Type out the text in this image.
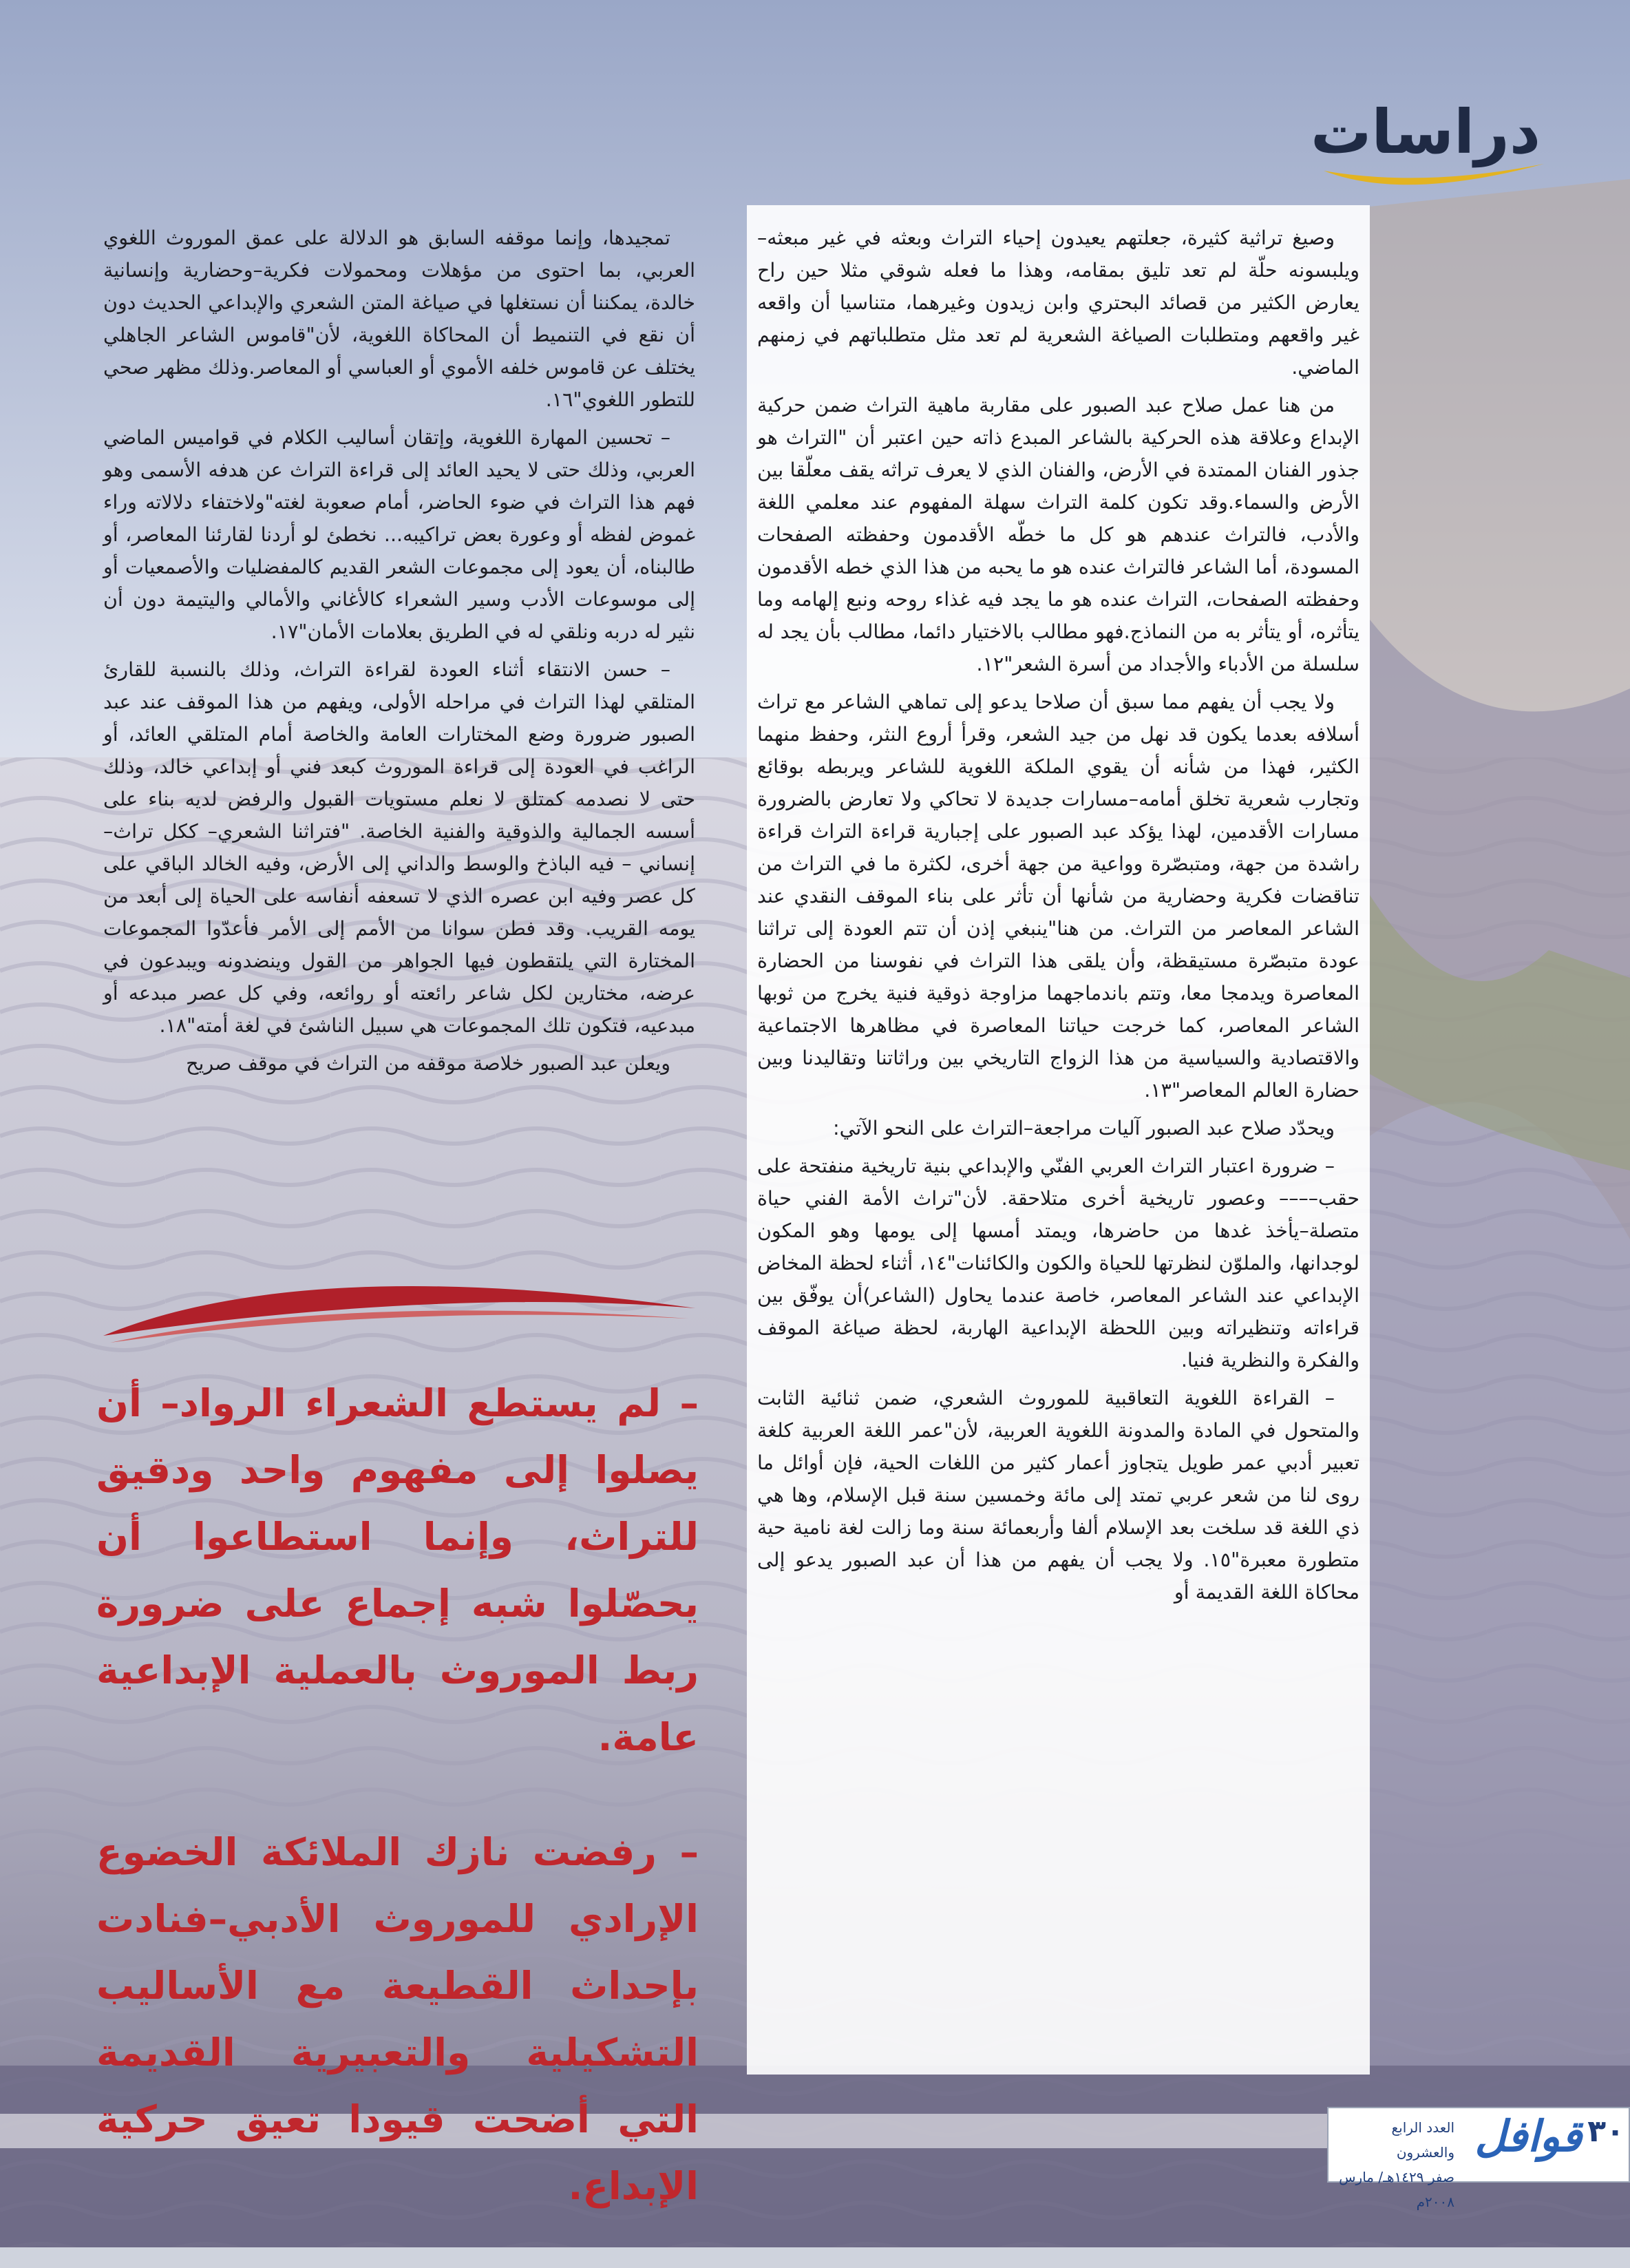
دراسات

وصيغ تراثية كثيرة، جعلتهم يعيدون إحياء التراث وبعثه في غير مبعثه–ويلبسونه حلّة لم تعد تليق بمقامه، وهذا ما فعله شوقي مثلا حين راح يعارض الكثير من قصائد البحتري وابن زيدون وغيرهما، متناسيا أن واقعه غير واقعهم ومتطلبات الصياغة الشعرية لم تعد مثل متطلباتهم في زمنهم الماضي.

من هنا عمل صلاح عبد الصبور على مقاربة ماهية التراث ضمن حركية الإبداع وعلاقة هذه الحركية بالشاعر المبدع ذاته حين اعتبر أن "التراث هو جذور الفنان الممتدة في الأرض، والفنان الذي لا يعرف تراثه يقف معلّقا بين الأرض والسماء.وقد تكون كلمة التراث سهلة المفهوم عند معلمي اللغة والأدب، فالتراث عندهم هو كل ما خطّه الأقدمون وحفظته الصفحات المسودة، أما الشاعر فالتراث عنده هو ما يحبه من هذا الذي خطه الأقدمون وحفظته الصفحات، التراث عنده هو ما يجد فيه غذاء روحه ونبع إلهامه وما يتأثره، أو يتأثر به من النماذج.فهو مطالب بالاختيار دائما، مطالب بأن يجد له سلسلة من الأدباء والأجداد من أسرة الشعر"١٢.

ولا يجب أن يفهم مما سبق أن صلاحا يدعو إلى تماهي الشاعر مع تراث أسلافه بعدما يكون قد نهل من جيد الشعر، وقرأ أروع النثر، وحفظ منهما الكثير، فهذا من شأنه أن يقوي الملكة اللغوية للشاعر ويربطه بوقائع وتجارب شعرية تخلق أمامه–مسارات جديدة لا تحاكي ولا تعارض بالضرورة مسارات الأقدمين، لهذا يؤكد عبد الصبور على إجبارية قراءة التراث قراءة راشدة من جهة، ومتبصّرة وواعية من جهة أخرى، لكثرة ما في التراث من تناقضات فكرية وحضارية من شأنها أن تأثر على بناء الموقف النقدي عند الشاعر المعاصر من التراث. من هنا"ينبغي إذن أن تتم العودة إلى تراثنا عودة متبصّرة مستيقظة، وأن يلقى هذا التراث في نفوسنا من الحضارة المعاصرة ويدمجا معا، وتتم باندماجهما مزاوجة ذوقية فنية يخرج من ثوبها الشاعر المعاصر، كما خرجت حياتنا المعاصرة في مظاهرها الاجتماعية والاقتصادية والسياسية من هذا الزواج التاريخي بين وراثاتنا وتقاليدنا وبين حضارة العالم المعاصر"١٣.

ويحدّد صلاح عبد الصبور آليات مراجعة–التراث على النحو الآتي:

– ضرورة اعتبار التراث العربي الفنّي والإبداعي بنية تاريخية منفتحة على حقب–––– وعصور تاريخية أخرى متلاحقة. لأن"تراث الأمة الفني حياة متصلة–يأخذ غدها من حاضرها، ويمتد أمسها إلى يومها وهو المكون لوجدانها، والملوّن لنظرتها للحياة والكون والكائنات"١٤، أثناء لحظة المخاض الإبداعي عند الشاعر المعاصر، خاصة عندما يحاول (الشاعر)أن يوفّق بين قراءاته وتنظيراته وبين اللحظة الإبداعية الهاربة، لحظة صياغة الموقف والفكرة والنظرية فنيا.

– القراءة اللغوية التعاقبية للموروث الشعري، ضمن ثنائية الثابت والمتحول في المادة والمدونة اللغوية العربية، لأن"عمر اللغة العربية كلغة تعبير أدبي عمر طويل يتجاوز أعمار كثير من اللغات الحية، فإن أوائل ما روى لنا من شعر عربي تمتد إلى مائة وخمسين سنة قبل الإسلام، وها هي ذي اللغة قد سلخت بعد الإسلام ألفا وأربعمائة سنة وما زالت لغة نامية حية متطورة معبرة"١٥. ولا يجب أن يفهم من هذا أن عبد الصبور يدعو إلى محاكاة اللغة القديمة أو

تمجيدها، وإنما موقفه السابق هو الدلالة على عمق الموروث اللغوي العربي، بما احتوى من مؤهلات ومحمولات فكرية–وحضارية وإنسانية خالدة، يمكننا أن نستغلها في صياغة المتن الشعري والإبداعي الحديث دون أن نقع في التنميط أن المحاكاة اللغوية، لأن"قاموس الشاعر الجاهلي يختلف عن قاموس خلفه الأموي أو العباسي أو المعاصر.وذلك مظهر صحي للتطور اللغوي"١٦.

– تحسين المهارة اللغوية، وإتقان أساليب الكلام في قواميس الماضي العربي، وذلك حتى لا يحيد العائد إلى قراءة التراث عن هدفه الأسمى وهو فهم هذا التراث في ضوء الحاضر، أمام صعوبة لغته"ولاختفاء دلالاته وراء غموض لفظه أو وعورة بعض تراكيبه... نخطئ لو أردنا لقارئنا المعاصر، أو طالبناه، أن يعود إلى مجموعات الشعر القديم كالمفضليات والأصمعيات أو إلى موسوعات الأدب وسير الشعراء كالأغاني والأمالي واليتيمة دون أن نثير له دربه ونلقي له في الطريق بعلامات الأمان"١٧.

– حسن الانتقاء أثناء العودة لقراءة التراث، وذلك بالنسبة للقارئ المتلقي لهذا التراث في مراحله الأولى، ويفهم من هذا الموقف عند عبد الصبور ضرورة وضع المختارات العامة والخاصة أمام المتلقي العائد، أو الراغب في العودة إلى قراءة الموروث كبعد فني أو إبداعي خالد، وذلك حتى لا نصدمه كمتلق لا نعلم مستويات القبول والرفض لديه بناء على أسسه الجمالية والذوقية والفنية الخاصة. "فتراثنا الشعري– ككل تراث– إنساني – فيه الباذخ والوسط والداني إلى الأرض، وفيه الخالد الباقي على كل عصر وفيه ابن عصره الذي لا تسعفه أنفاسه على الحياة إلى أبعد من يومه القريب. وقد فطن سوانا من الأمم إلى الأمر فأعدّوا المجموعات المختارة التي يلتقطون فيها الجواهر من القول وينضدونه ويبدعون في عرضه، مختارين لكل شاعر رائعته أو روائعه، وفي كل عصر مبدعه أو مبدعيه، فتكون تلك المجموعات هي سبيل الناشئ في لغة أمته"١٨.

ويعلن عبد الصبور خلاصة موقفه من التراث في موقف صريح

– لم يستطع الشعراء الرواد– أن يصلوا إلى مفهوم واحد ودقيق للتراث، وإنما استطاعوا أن يحصّلوا شبه إجماع على ضرورة ربط الموروث بالعملية الإبداعية عامة.

– رفضت نازك الملائكة الخضوع الإرادي للموروث الأدبي–فنادت بإحداث القطيعة مع الأساليب التشكيلية والتعبيرية القديمة التي أضحت قيودا تعيق حركية الإبداع.

٣٠
قوافل
العدد الرابع والعشرون
صفر ١٤٢٩هـ/ مارس ٢٠٠٨م
